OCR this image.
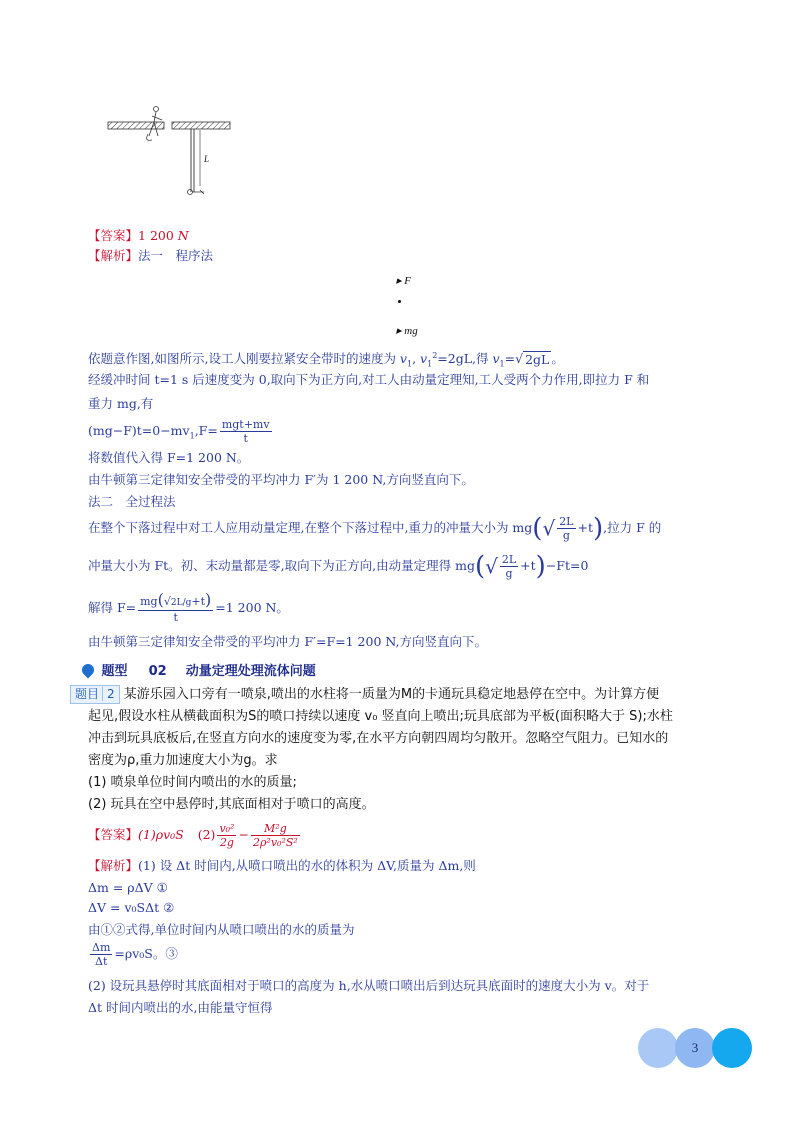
L
【答案】1 200 N
【解析】法一　程序法
▸ F
▸ mg
依题意作图,如图所示,设工人刚要拉紧安全带时的速度为 $v_1$, $v_1^2=2gL$,得 $v_1=√$ 2gL 。
经缓冲时间 t=1 s 后速度变为 0,取向下为正方向,对工人由动量定理知,工人受两个力作用,即拉力 F 和
重力 mg,有
$(mg-F)t=0-mv_1,F= \frac{\text{mgt+mv}}{t}$
将数值代入得 F=1 200 N。
由牛顿第三定律知安全带受的平均冲力 F′为 1 200 N,方向竖直向下。
法二　全过程法
在整个下落过程中对工人应用动量定理,在整个下落过程中,重力的冲量大小为 $mg(√ \frac{2L}{g} +t)$,拉力 F 的
冲量大小为 Ft。初、末动量都是零,取向下为正方向,由动量定理得 $mg(√ \frac{2L}{g} +t)-Ft=0$
解得 $F= \frac{mg(√2L/g+t)}{t} =1$ 200 N。
由牛顿第三定律知安全带受的平均冲力 F′=F=1 200 N,方向竖直向下。
题型 02 动量定理处理流体问题
题目 2 某游乐园入口旁有一喷泉,喷出的水柱将一质量为M的卡通玩具稳定地悬停在空中。为计算方便
起见,假设水柱从横截面积为S的喷口持续以速度 v₀ 竖直向上喷出;玩具底部为平板(面积略大于 S);水柱
冲击到玩具底板后,在竖直方向水的速度变为零,在水平方向朝四周均匀散开。忽略空气阻力。已知水的
密度为ρ,重力加速度大小为g。求
(1) 喷泉单位时间内喷出的水的质量;
(2) 玩具在空中悬停时,其底面相对于喷口的高度。
【答案】(1)ρv₀S $(2) \frac{\text{v₀²}}{2g} - \frac{\text{M²g}}{\text{2ρ²v₀²S²}}$
【解析】(1) 设 Δt 时间内,从喷口喷出的水的体积为 ΔV,质量为 Δm,则
Δm = ρΔV ①
ΔV = v₀SΔt ②
由①②式得,单位时间内从喷口喷出的水的质量为
$\frac{\Delta m}{\Delta t} =\rho v_0S$。③
(2) 设玩具悬停时其底面相对于喷口的高度为 h,水从喷口喷出后到达玩具底面时的速度大小为 v。对于
Δt 时间内喷出的水,由能量守恒得
3
